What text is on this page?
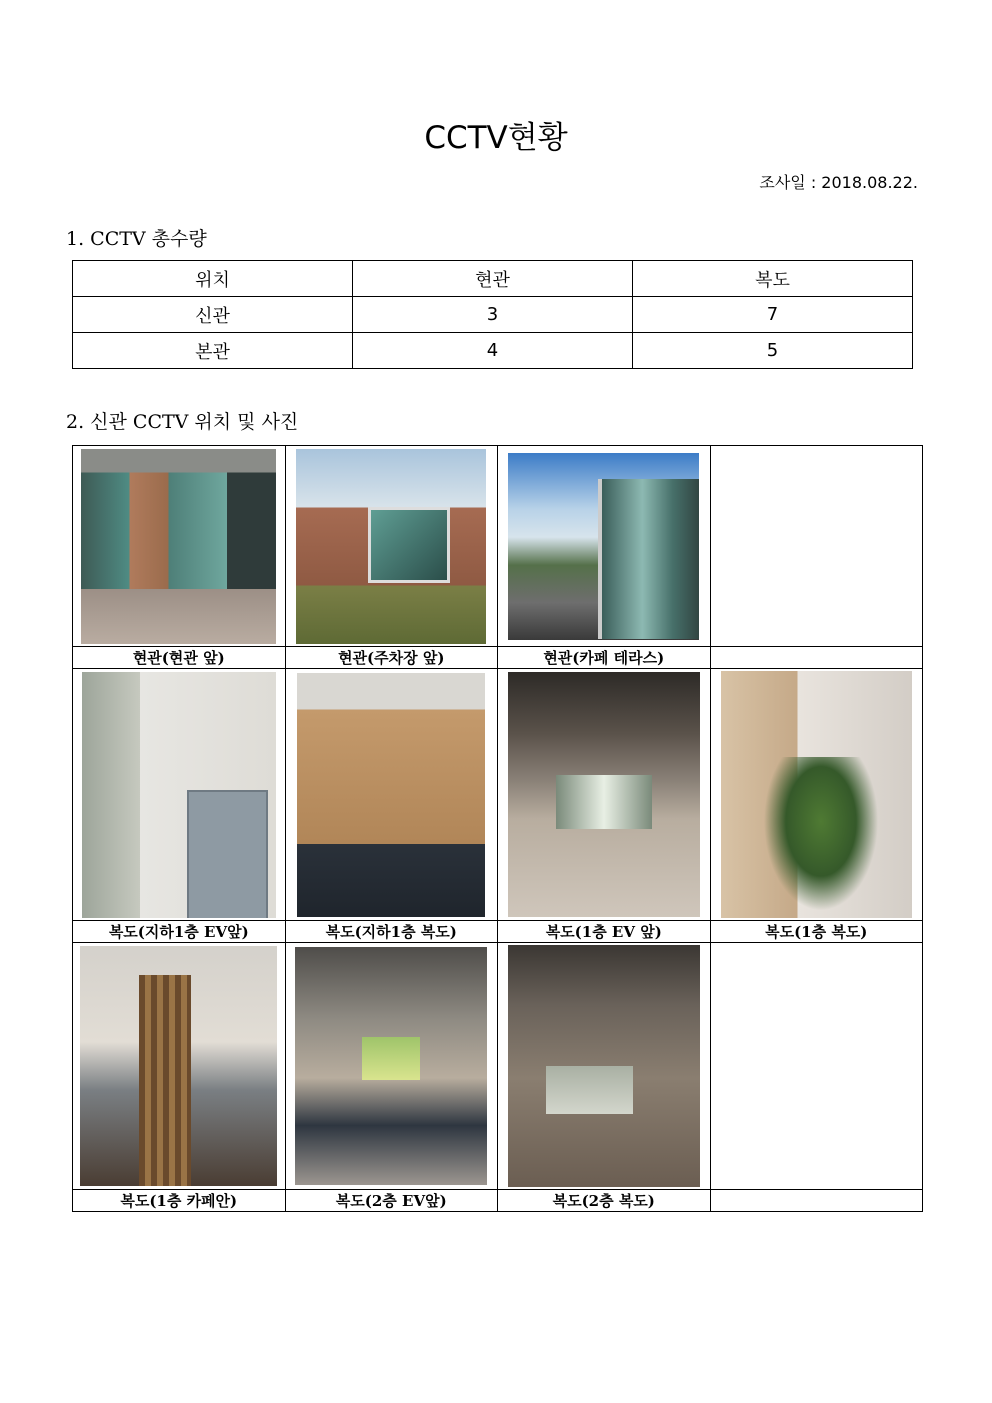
CCTV현황
조사일 : 2018.08.22.
1. CCTV 총수량
위치	현관	복도
신관	3	7
본관	4	5
2. 신관 CCTV 위치 및 사진

현관(현관 앞)	현관(주차장 앞)	현관(카페 테라스)	

복도(지하1층 EV앞)	복도(지하1층 복도)	복도(1층 EV 앞)	복도(1층 복도)

복도(1층 카페안)	복도(2층 EV앞)	복도(2층 복도)	
